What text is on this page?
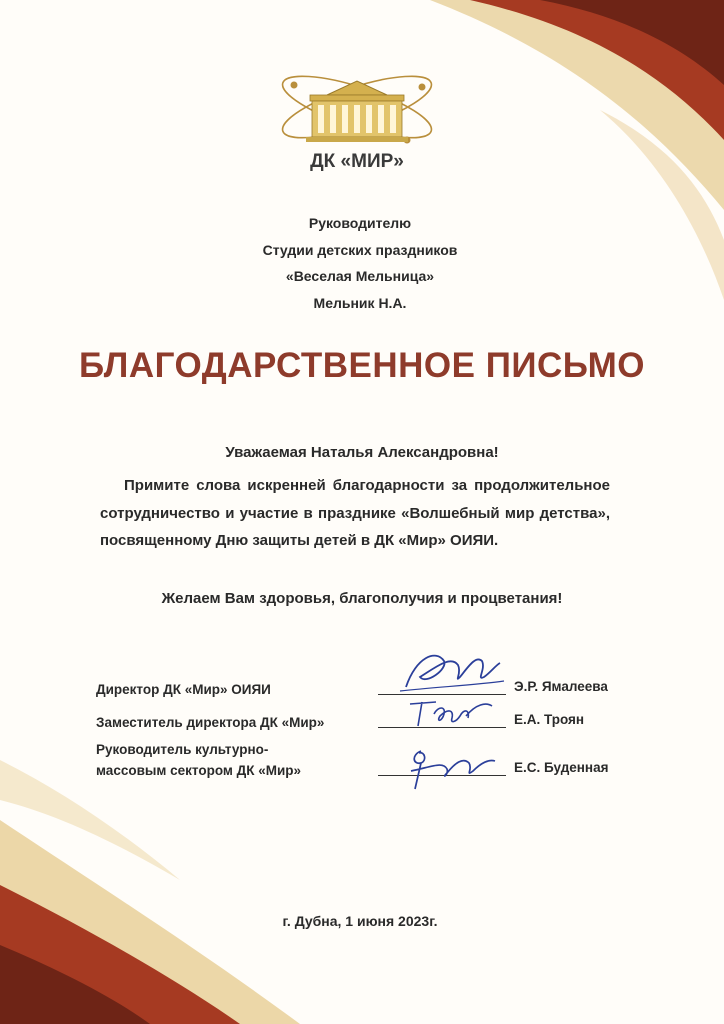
ДК «МИР»
Руководителю
Студии детских праздников
«Веселая Мельница»
Мельник Н.А.
БЛАГОДАРСТВЕННОЕ ПИСЬМО
Уважаемая Наталья Александровна!
Примите слова искренней благодарности за продолжительное сотрудничество и участие в празднике «Волшебный мир детства», посвященному Дню защиты детей в ДК «Мир» ОИЯИ.
Желаем Вам здоровья, благополучия и процветания!
Директор ДК «Мир» ОИЯИ	Э.Р. Ямалеева
Заместитель директора ДК «Мир»	Е.А. Троян
Руководитель культурно-
массовым сектором ДК «Мир»	Е.С. Буденная
г. Дубна, 1 июня 2023г.
